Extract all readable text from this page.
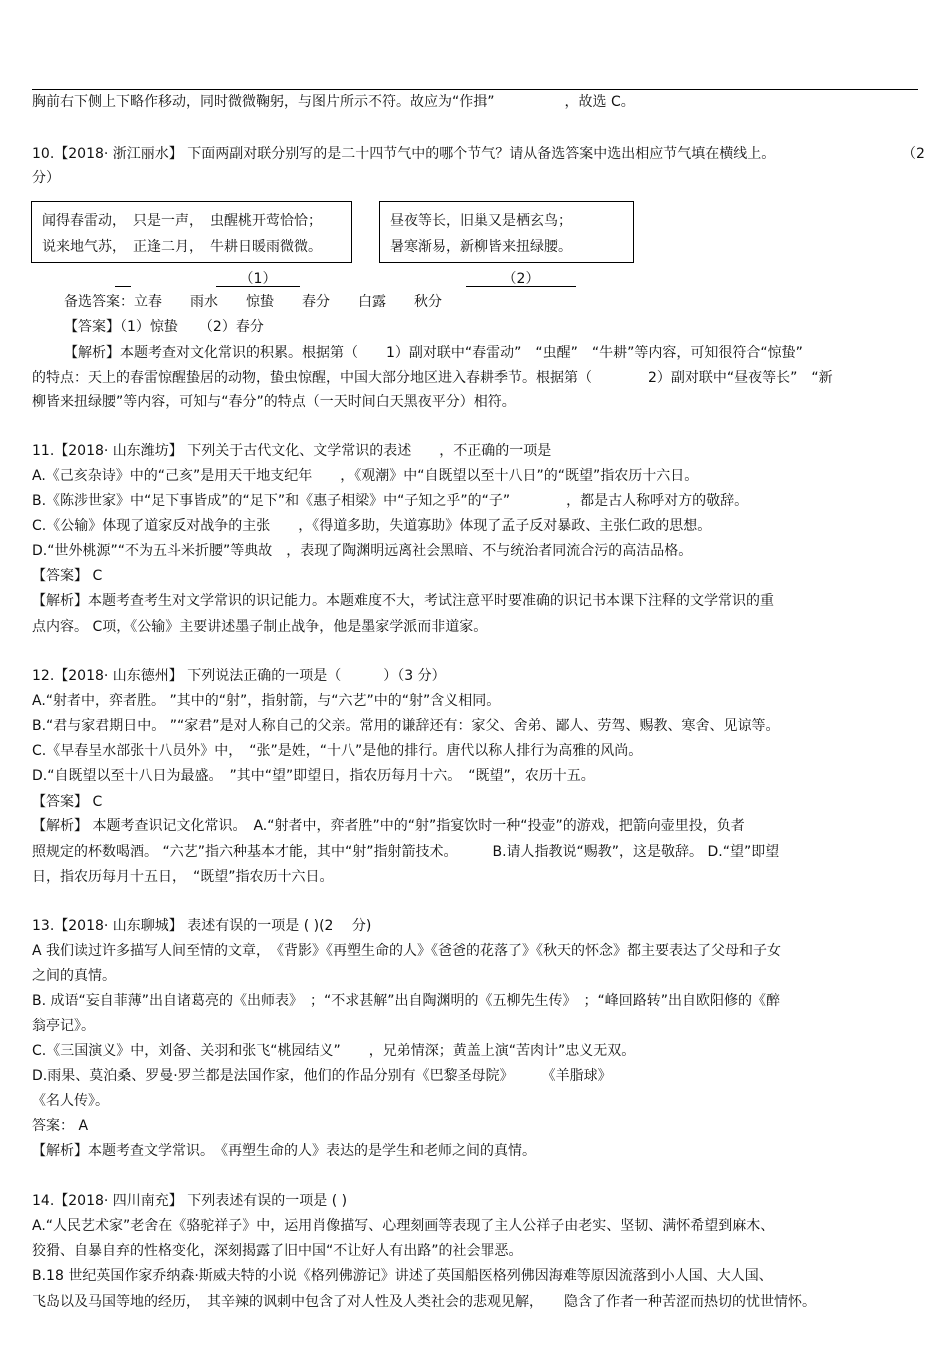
胸前右下侧上下略作移动，同时微微鞠躬，与图片所示不符。故应为“作揖”　　　　　，故选 C。
10.【2018· 浙江丽水】 下面两副对联分别写的是二十四节气中的哪个节气？请从备选答案中选出相应节气填在横线上。	（2
分）
闻得春雷动，　只是一声，　虫醒桃开莺恰恰；
说来地气苏，　正逢二月，　牛耕日暖雨微微。
昼夜等长，旧巢又是栖玄鸟；
暑寒渐易，新柳皆来扭绿腰。
（1）	（2）
备选答案：立春　　雨水　　惊蛰　　春分　　白露　　秋分
【答案】（1）惊蛰　　（2）春分
【解析】本题考查对文化常识的积累。根据第（　　1）副对联中“春雷动”　“虫醒”　“牛耕”等内容，可知很符合“惊蛰”
的特点：天上的春雷惊醒蛰居的动物，蛰虫惊醒，中国大部分地区进入春耕季节。根据第（　　　　2）副对联中“昼夜等长”　“新
柳皆来扭绿腰”等内容，可知与“春分”的特点（一天时间白天黑夜平分）相符。
11.【2018· 山东潍坊】 下列关于古代文化、文学常识的表述　　，不正确的一项是
A.《己亥杂诗》中的“己亥”是用天干地支纪年　　，《观潮》中“自既望以至十八日”的“既望”指农历十六日。
B.《陈涉世家》中“足下事皆成”的“足下”和《惠子相梁》中“子知之乎”的“子”　　　　，都是古人称呼对方的敬辞。
C.《公输》体现了道家反对战争的主张　　，《得道多助，失道寡助》体现了孟子反对暴政、主张仁政的思想。
D.“世外桃源”“不为五斗米折腰”等典故　，表现了陶渊明远离社会黑暗、不与统治者同流合污的高洁品格。
【答案】 C
【解析】本题考查考生对文学常识的识记能力。本题难度不大，考试注意平时要准确的识记书本课下注释的文学常识的重
点内容。 C项，《公输》主要讲述墨子制止战争，他是墨家学派而非道家。
12.【2018· 山东德州】 下列说法正确的一项是（　　　）（3 分）
A.“射者中，弈者胜。 ”其中的“射”，指射箭，与“六艺”中的“射”含义相同。
B.“君与家君期日中。 ”“家君”是对人称自己的父亲。常用的谦辞还有：家父、舍弟、鄙人、劳驾、赐教、寒舍、见谅等。
C.《早春呈水部张十八员外》中，　“张”是姓，“十八”是他的排行。唐代以称人排行为高雅的风尚。
D.“自既望以至十八日为最盛。　”其中“望”即望日，指农历每月十六。　“既望”，农历十五。
【答案】 C
【解析】 本题考查识记文化常识。　A.“射者中，弈者胜”中的“射”指宴饮时一种“投壶”的游戏，把箭向壶里投，负者
照规定的杯数喝酒。 “六艺”指六种基本才能，其中“射”指射箭技术。　　　B.请人指教说“赐教”，这是敬辞。 D.“望”即望
日，指农历每月十五日，　“既望”指农历十六日。
13.【2018· 山东聊城】 表述有误的一项是 ( )(2　 分)
A 我们读过许多描写人间至情的文章，　《背影》《再塑生命的人》《爸爸的花落了》《秋天的怀念》都主要表达了父母和子女
之间的真情。
B. 成语“妄自菲薄”出自诸葛亮的《出师表》　；“不求甚解”出自陶渊明的《五柳先生传》　；“峰回路转”出自欧阳修的《醉
翁亭记》。
C.《三国演义》中，刘备、关羽和张飞“桃园结义”　　，兄弟情深；黄盖上演“苦肉计”忠义无双。
D.雨果、莫泊桑、罗曼·罗兰都是法国作家，他们的作品分别有《巴黎圣母院》　　　《羊脂球》
《名人传》。
答案： A
【解析】本题考查文学常识。　《再塑生命的人》表达的是学生和老师之间的真情。
14.【2018· 四川南充】 下列表述有误的一项是 ( )
A.“人民艺术家”老舍在《骆驼祥子》中，运用肖像描写、心理刻画等表现了主人公祥子由老实、坚韧、满怀希望到麻木、
狡猾、自暴自弃的性格变化，深刻揭露了旧中国“不让好人有出路”的社会罪恶。
B.18 世纪英国作家乔纳森·斯威夫特的小说《格列佛游记》讲述了英国船医格列佛因海难等原因流落到小人国、大人国、
飞岛以及马国等地的经历，　其辛辣的讽刺中包含了对人性及人类社会的悲观见解，　　隐含了作者一种苦涩而热切的忧世情怀。
